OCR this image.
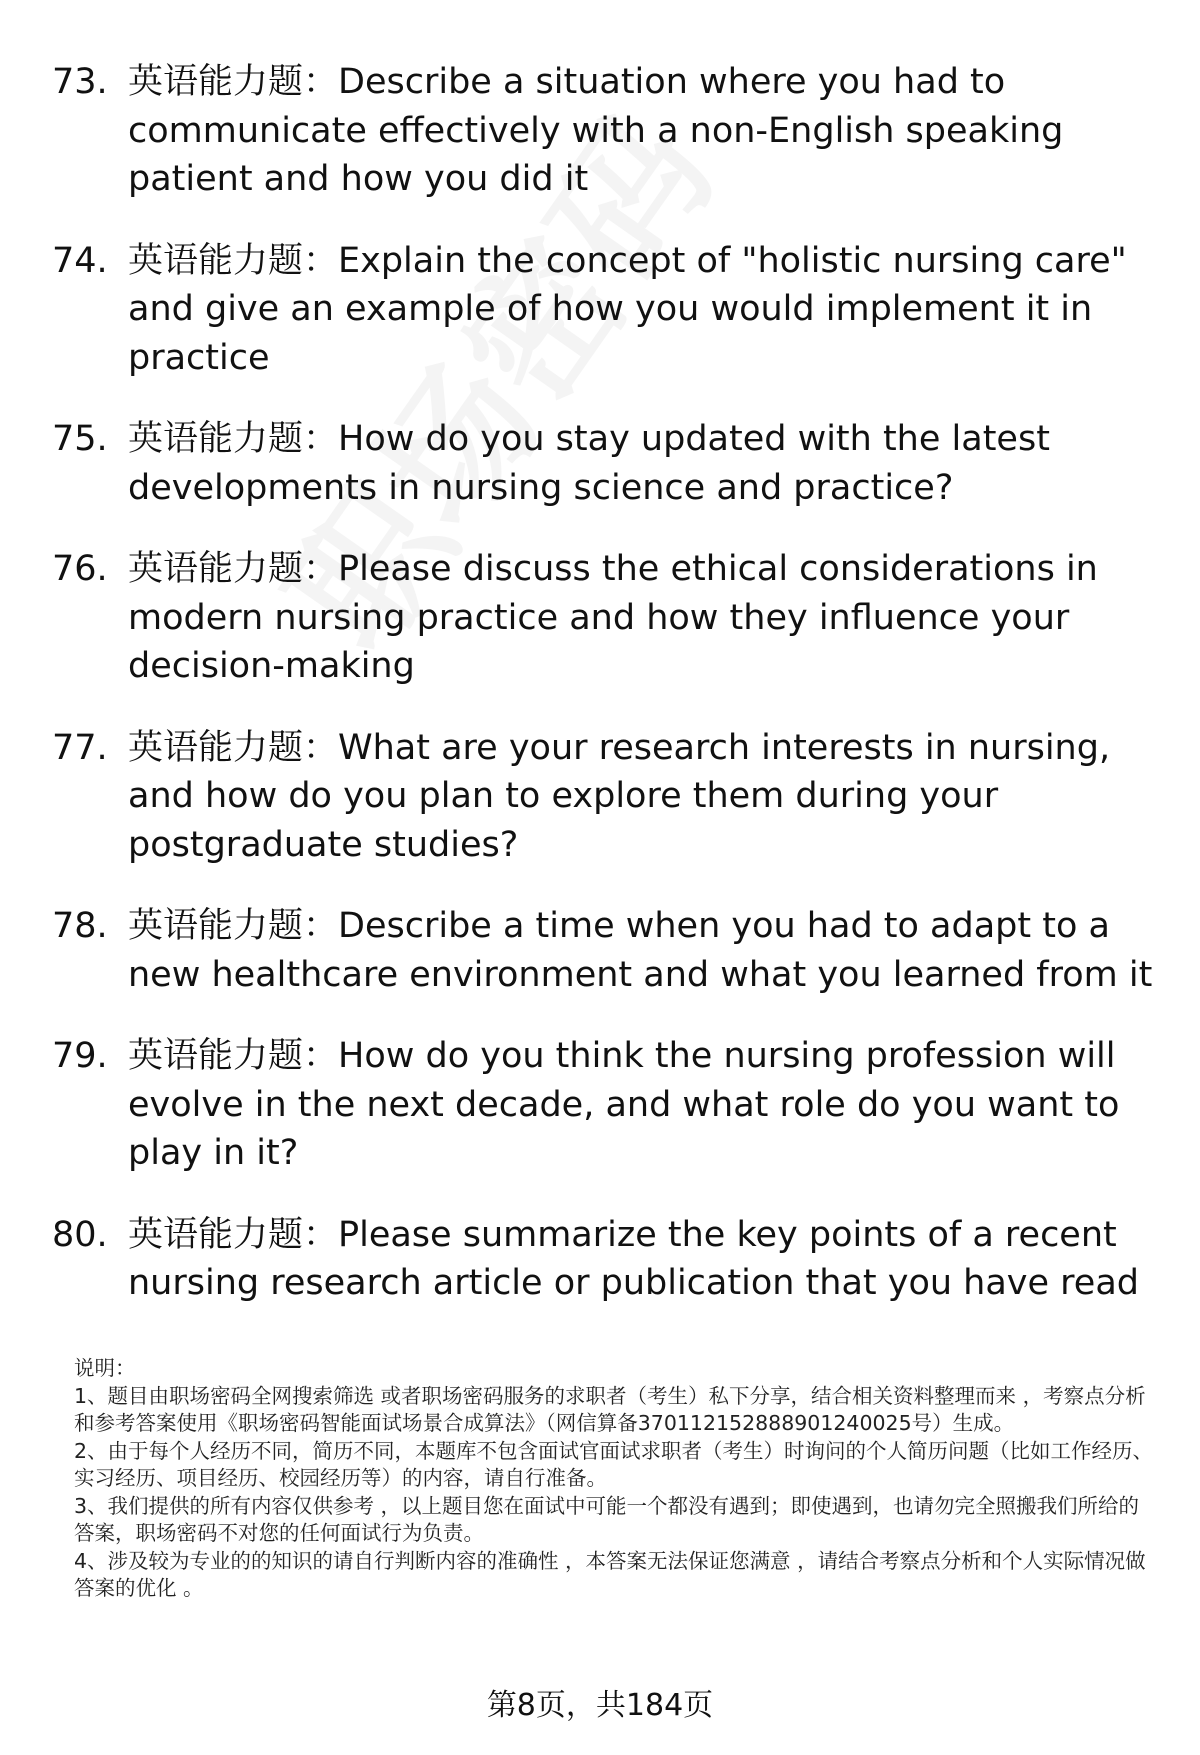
73. 英语能力题：Describe a situation where you had to communicate effectively with a non-English speaking patient and how you did it
74. 英语能力题：Explain the concept of "holistic nursing care" and give an example of how you would implement it in practice
75. 英语能力题：How do you stay updated with the latest developments in nursing science and practice?
76. 英语能力题：Please discuss the ethical considerations in modern nursing practice and how they influence your decision-making
77. 英语能力题：What are your research interests in nursing, and how do you plan to explore them during your postgraduate studies?
78. 英语能力题：Describe a time when you had to adapt to a new healthcare environment and what you learned from it
79. 英语能力题：How do you think the nursing profession will evolve in the next decade, and what role do you want to play in it?
80. 英语能力题：Please summarize the key points of a recent nursing research article or publication that you have read

说明：

1、题目由职场密码全网搜索筛选 或者职场密码服务的求职者（考生）私下分享，结合相关资料整理而来 ，考察点分析和参考答案使用《职场密码智能面试场景合成算法》（网信算备370112152888901240025号）生成。

2、由于每个人经历不同，简历不同，本题库不包含面试官面试求职者（考生）时询问的个人简历问题（比如工作经历、实习经历、项目经历、校园经历等）的内容，请自行准备。

3、我们提供的所有内容仅供参考 ，以上题目您在面试中可能一个都没有遇到；即使遇到，也请勿完全照搬我们所给的答案，职场密码不对您的任何面试行为负责。

4、涉及较为专业的的知识的请自行判断内容的准确性 ，本答案无法保证您满意 ，请结合考察点分析和个人实际情况做答案的优化 。

第8页，共184页
